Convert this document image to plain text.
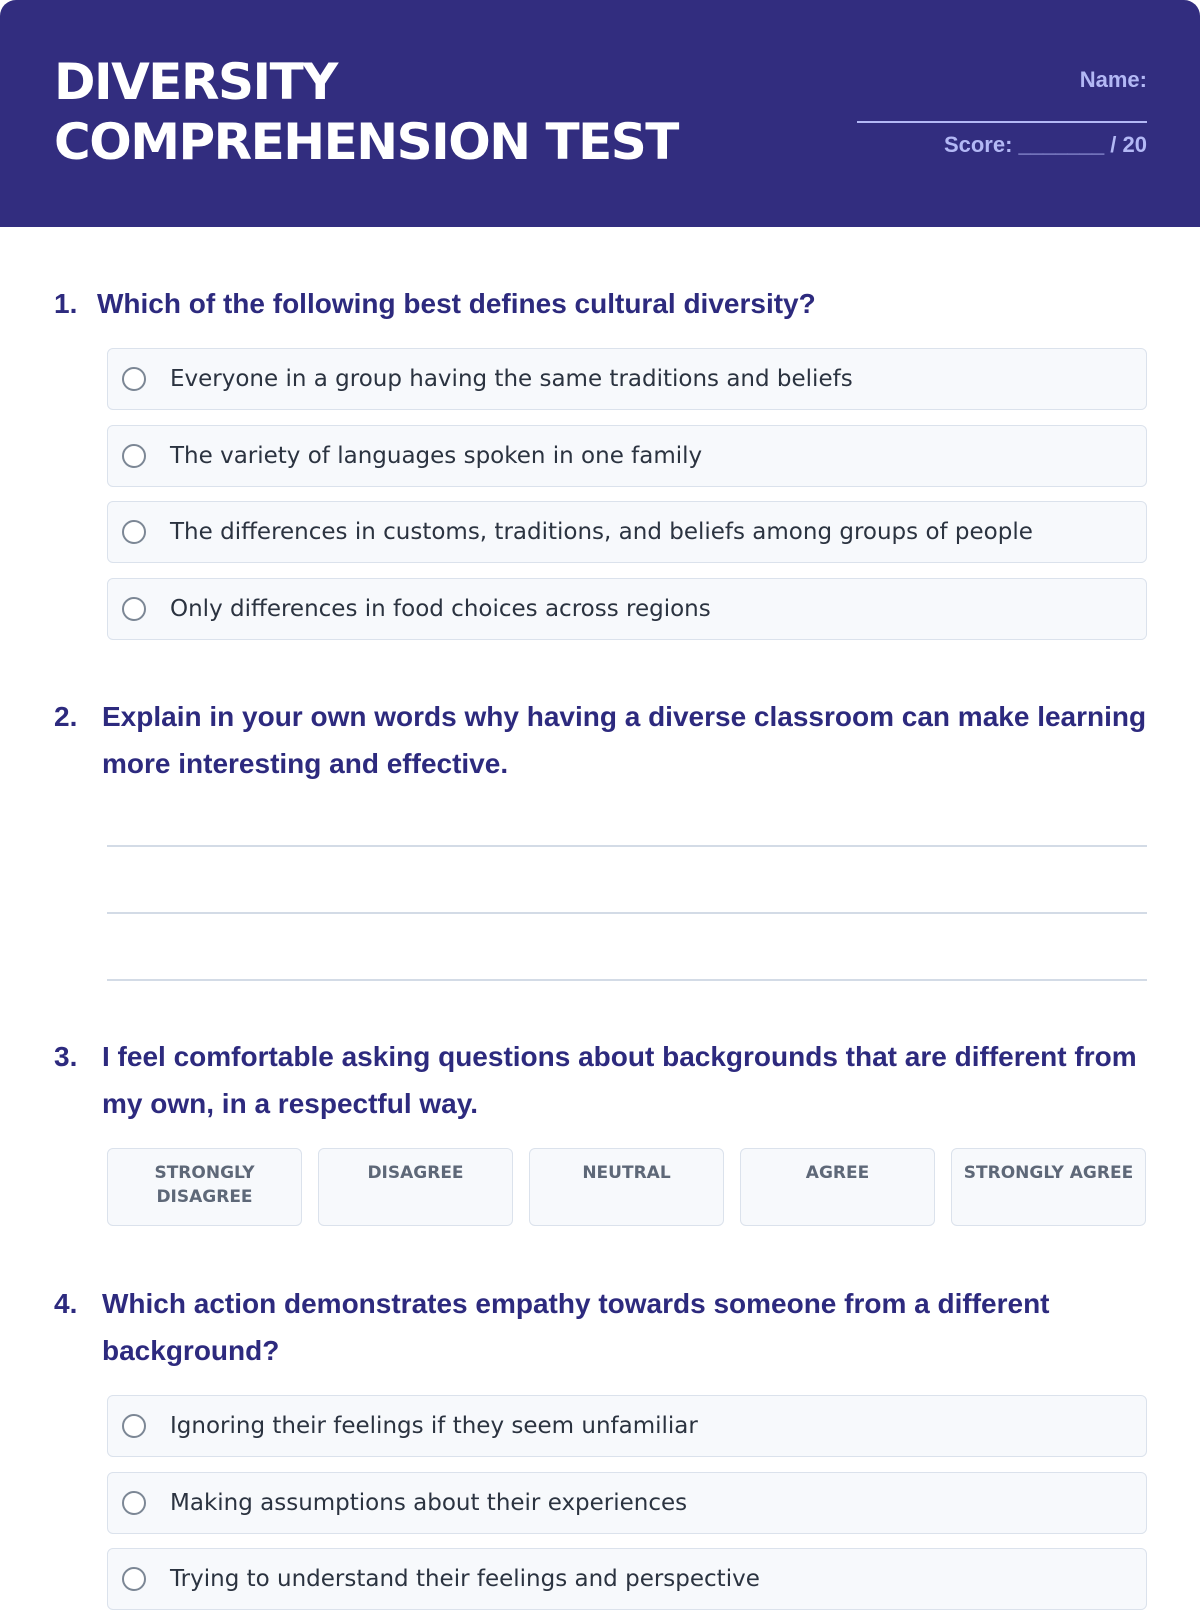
DIVERSITY COMPREHENSION TEST
Name:
Score: _______ / 20
1. Which of the following best defines cultural diversity?
Everyone in a group having the same traditions and beliefs
The variety of languages spoken in one family
The differences in customs, traditions, and beliefs among groups of people
Only differences in food choices across regions
2. Explain in your own words why having a diverse classroom can make learning more interesting and effective.
3. I feel comfortable asking questions about backgrounds that are different from my own, in a respectful way.
STRONGLY DISAGREE
DISAGREE	NEUTRAL	AGREE	STRONGLY AGREE
4. Which action demonstrates empathy towards someone from a different background?
Ignoring their feelings if they seem unfamiliar
Making assumptions about their experiences
Trying to understand their feelings and perspective
